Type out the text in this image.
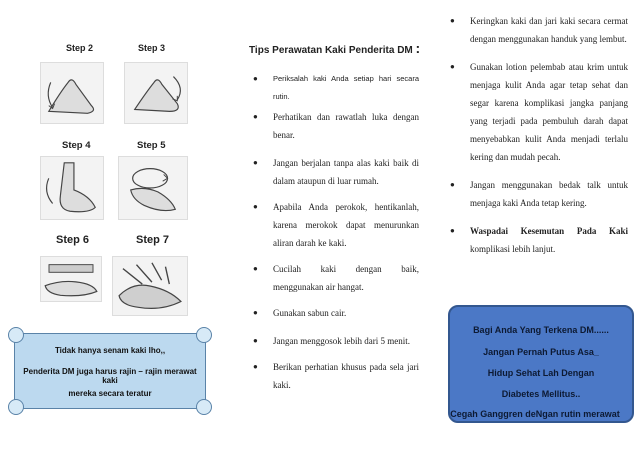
Step 2	Step 3
Step 4	Step 5
Step 6	Step 7

Tidak hanya senam kaki lho,,

Penderita DM juga harus rajin – rajin merawat kaki

mereka secara teratur

Tips Perawatan Kaki Penderita DM :
● Periksalah kaki Anda setiap hari secara rutin.
● Perhatikan dan rawatlah luka dengan benar.
● Jangan berjalan tanpa alas kaki baik di dalam ataupun di luar rumah.
● Apabila Anda perokok, hentikanlah, karena merokok dapat menurunkan aliran darah ke kaki.
● Cucilah kaki dengan baik, menggunakan air hangat.
● Gunakan sabun cair.
● Jangan menggosok lebih dari 5 menit.
● Berikan perhatian khusus pada sela jari kaki.
● Keringkan kaki dan jari kaki secara cermat dengan menggunakan handuk yang lembut.
● Gunakan lotion pelembab atau krim untuk menjaga kulit Anda agar tetap sehat dan segar karena komplikasi jangka panjang yang terjadi pada pembuluh darah dapat menyebabkan kulit Anda menjadi terlalu kering dan mudah pecah.
● Jangan menggunakan bedak talk untuk menjaga kaki Anda tetap kering.
● Waspadai Kesemutan Pada Kaki komplikasi lebih lanjut.

Bagi Anda Yang Terkena DM......

Jangan Pernah Putus Asa_

Hidup Sehat Lah Dengan

Diabetes Mellitus..

Cegah Ganggren deNgan rutin merawat
